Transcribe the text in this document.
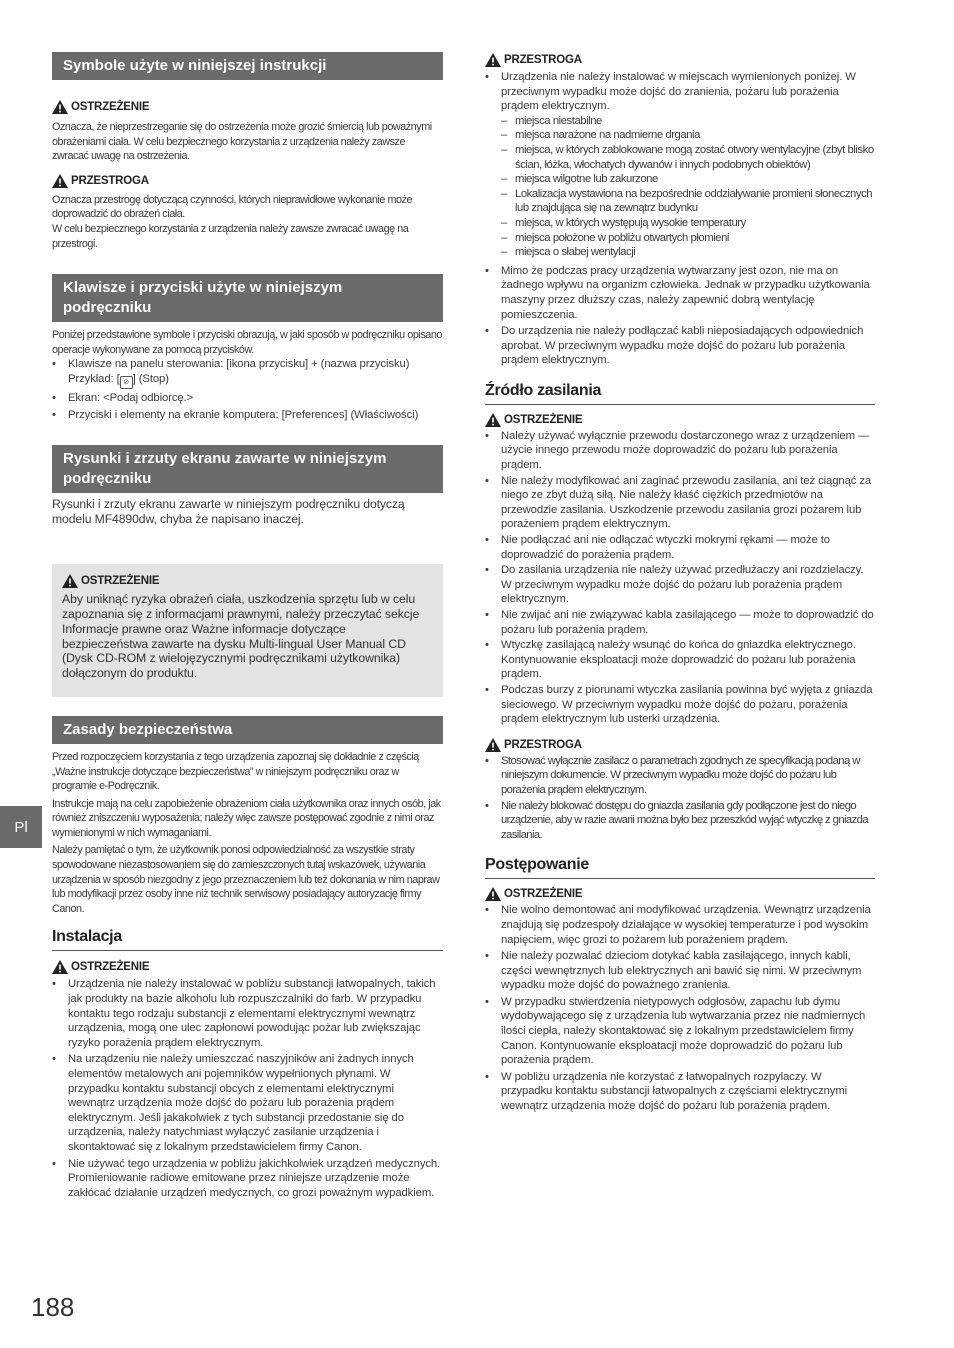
Symbole użyte w niniejszej instrukcji
OSTRZEŻENIE

Oznacza, że nieprzestrzeganie się do ostrzeżenia może grozić śmiercią lub poważnymi obrażeniami ciała. W celu bezpiecznego korzystania z urządzenia należy zawsze zwracać uwagę na ostrzeżenia.

PRZESTROGA

Oznacza przestrogę dotyczącą czynności, których nieprawidłowe wykonanie może doprowadzić do obrażeń ciała.

W celu bezpiecznego korzystania z urządzenia należy zawsze zwracać uwagę na przestrogi.

Klawisze i przyciski użyte w niniejszym podręczniku

Poniżej przedstawione symbole i przyciski obrazują, w jaki sposób w podręczniku opisano operacje wykonywane za pomocą przycisków.

• Klawisze na panelu sterowania: [ikona przycisku] + (nazwa przycisku)
Przykład: [ ⊘ ] (Stop)
• Ekran: <Podaj odbiorcę.>
• Przyciski i elementy na ekranie komputera: [Preferences] (Właściwości)
Rysunki i zrzuty ekranu zawarte w niniejszym podręczniku

Rysunki i zrzuty ekranu zawarte w niniejszym podręczniku dotyczą modelu MF4890dw, chyba że napisano inaczej.

OSTRZEŻENIE

Aby uniknąć ryzyka obrażeń ciała, uszkodzenia sprzętu lub w celu zapoznania się z informacjami prawnymi, należy przeczytać sekcje Informacje prawne oraz Ważne informacje dotyczące bezpieczeństwa zawarte na dysku Multi-lingual User Manual CD (Dysk CD-ROM z wielojęzycznymi podręcznikami użytkownika) dołączonym do produktu.

Zasady bezpieczeństwa

Przed rozpoczęciem korzystania z tego urządzenia zapoznaj się dokładnie z częścią „Ważne instrukcje dotyczące bezpieczeństwa” w niniejszym podręczniku oraz w programie e-Podręcznik.

Instrukcje mają na celu zapobieżenie obrażeniom ciała użytkownika oraz innych osób, jak również zniszczeniu wyposażenia; należy więc zawsze postępować zgodnie z nimi oraz wymienionymi w nich wymaganiami.

Należy pamiętać o tym, że użytkownik ponosi odpowiedzialność za wszystkie straty spowodowane niezastosowaniem się do zamieszczonych tutaj wskazówek, używania urządzenia w sposób niezgodny z jego przeznaczeniem lub też dokonania w nim napraw lub modyfikacji przez osoby inne niż technik serwisowy posiadający autoryzację firmy Canon.

Instalacja
OSTRZEŻENIE
• Urządzenia nie należy instalować w pobliżu substancji łatwopalnych, takich jak produkty na bazie alkoholu lub rozpuszczalniki do farb. W przypadku kontaktu tego rodzaju substancji z elementami elektrycznymi wewnątrz urządzenia, mogą one ulec zapłonowi powodując pożar lub zwiększając ryzyko porażenia prądem elektrycznym.
• Na urządzeniu nie należy umieszczać naszyjników ani żadnych innych elementów metalowych ani pojemników wypełnionych płynami. W przypadku kontaktu substancji obcych z elementami elektrycznymi wewnątrz urządzenia może dojść do pożaru lub porażenia prądem elektrycznym. Jeśli jakakolwiek z tych substancji przedostanie się do urządzenia, należy natychmiast wyłączyć zasilanie urządzenia i skontaktować się z lokalnym przedstawicielem firmy Canon.
• Nie używać tego urządzenia w pobliżu jakichkolwiek urządzeń medycznych. Promieniowanie radiowe emitowane przez niniejsze urządzenie może zakłócać działanie urządzeń medycznych, co grozi poważnym wypadkiem.
PRZESTROGA
• Urządzenia nie należy instalować w miejscach wymienionych poniżej. W przeciwnym wypadku może dojść do zranienia, pożaru lub porażenia prądem elektrycznym.
– miejsca niestabilne
– miejsca narażone na nadmierne drgania
– miejsca, w których zablokowane mogą zostać otwory wentylacyjne (zbyt blisko ścian, łóżka, włochatych dywanów i innych podobnych obiektów)
– miejsca wilgotne lub zakurzone
– Lokalizacja wystawiona na bezpośrednie oddziaływanie promieni słonecznych lub znajdująca się na zewnątrz budynku
– miejsca, w których występują wysokie temperatury
– miejsca położone w pobliżu otwartych płomieni
– miejsca o słabej wentylacji
• Mimo że podczas pracy urządzenia wytwarzany jest ozon, nie ma on żadnego wpływu na organizm człowieka. Jednak w przypadku użytkowania maszyny przez dłuższy czas, należy zapewnić dobrą wentylację pomieszczenia.
• Do urządzenia nie należy podłączać kabli nieposiadających odpowiednich aprobat. W przeciwnym wypadku może dojść do pożaru lub porażenia prądem elektrycznym.
Źródło zasilania
OSTRZEŻENIE
• Należy używać wyłącznie przewodu dostarczonego wraz z urządzeniem — użycie innego przewodu może doprowadzić do pożaru lub porażenia prądem.
• Nie należy modyfikować ani zaginać przewodu zasilania, ani też ciągnąć za niego ze zbyt dużą siłą. Nie należy kłaść ciężkich przedmiotów na przewodzie zasilania. Uszkodzenie przewodu zasilania grozi pożarem lub porażeniem prądem elektrycznym.
• Nie podłączać ani nie odłączać wtyczki mokrymi rękami — może to doprowadzić do porażenia prądem.
• Do zasilania urządzenia nie należy używać przedłużaczy ani rozdzielaczy. W przeciwnym wypadku może dojść do pożaru lub porażenia prądem elektrycznym.
• Nie zwijać ani nie związywać kabla zasilającego — może to doprowadzić do pożaru lub porażenia prądem.
• Wtyczkę zasilającą należy wsunąć do końca do gniazdka elektrycznego. Kontynuowanie eksploatacji może doprowadzić do pożaru lub porażenia prądem.
• Podczas burzy z piorunami wtyczka zasilania powinna być wyjęta z gniazda sieciowego. W przeciwnym wypadku może dojść do pożaru, porażenia prądem elektrycznym lub usterki urządzenia.
PRZESTROGA
• Stosować wyłącznie zasilacz o parametrach zgodnych ze specyfikacją podaną w niniejszym dokumencie. W przeciwnym wypadku może dojść do pożaru lub porażenia prądem elektrycznym.
• Nie należy blokować dostępu do gniazda zasilania gdy podłączone jest do niego urządzenie, aby w razie awarii można było bez przeszkód wyjąć wtyczkę z gniazda zasilania.
Postępowanie
OSTRZEŻENIE
• Nie wolno demontować ani modyfikować urządzenia. Wewnątrz urządzenia znajdują się podzespoły działające w wysokiej temperaturze i pod wysokim napięciem, więc grozi to pożarem lub porażeniem prądem.
• Nie należy pozwalać dzieciom dotykać kabla zasilającego, innych kabli, części wewnętrznych lub elektrycznych ani bawić się nimi. W przeciwnym wypadku może dojść do poważnego zranienia.
• W przypadku stwierdzenia nietypowych odgłosów, zapachu lub dymu wydobywającego się z urządzenia lub wytwarzania przez nie nadmiernych ilości ciepła, należy skontaktować się z lokalnym przedstawicielem firmy Canon. Kontynuowanie eksploatacji może doprowadzić do pożaru lub porażenia prądem.
• W pobliżu urządzenia nie korzystać z łatwopalnych rozpylaczy. W przypadku kontaktu substancji łatwopalnych z częściami elektrycznymi wewnątrz urządzenia może dojść do pożaru lub porażenia prądem.
Pl
188
